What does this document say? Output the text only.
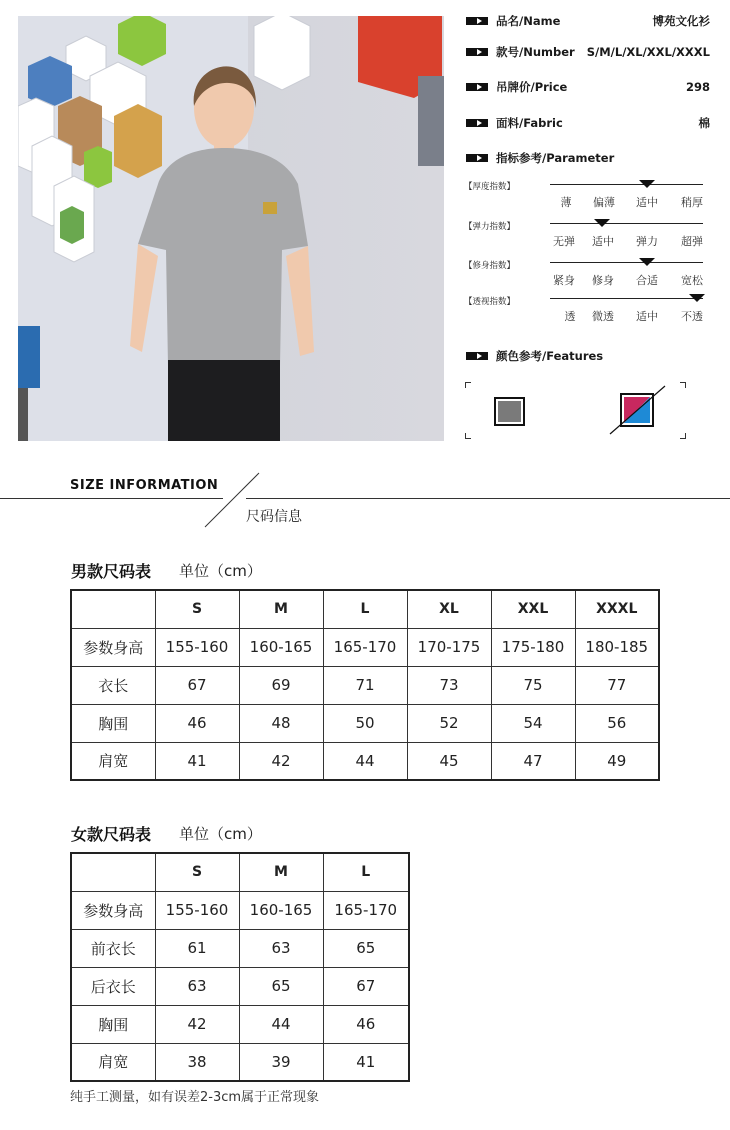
品名/Name	博苑文化衫
款号/Number	S/M/L/XL/XXL/XXXL
吊牌价/Price	298
面料/Fabric	棉
指标参考/Parameter
【厚度指数】
薄 偏薄 适中 稍厚
【弹力指数】
无弹 适中 弹力 超弹
【修身指数】
紧身 修身 合适 宽松
【透视指数】
透 微透 适中 不透
颜色参考/Features
SIZE INFORMATION
尺码信息
男款尺码表 单位（cm）
	S	M	L	XL	XXL	XXXL
参数身高	155-160	160-165	165-170	170-175	175-180	180-185
衣长	67	69	71	73	75	77
胸围	46	48	50	52	54	56
肩宽	41	42	44	45	47	49
女款尺码表 单位（cm）
	S	M	L
参数身高	155-160	160-165	165-170
前衣长	61	63	65
后衣长	63	65	67
胸围	42	44	46
肩宽	38	39	41
纯手工测量，如有误差2-3cm属于正常现象
